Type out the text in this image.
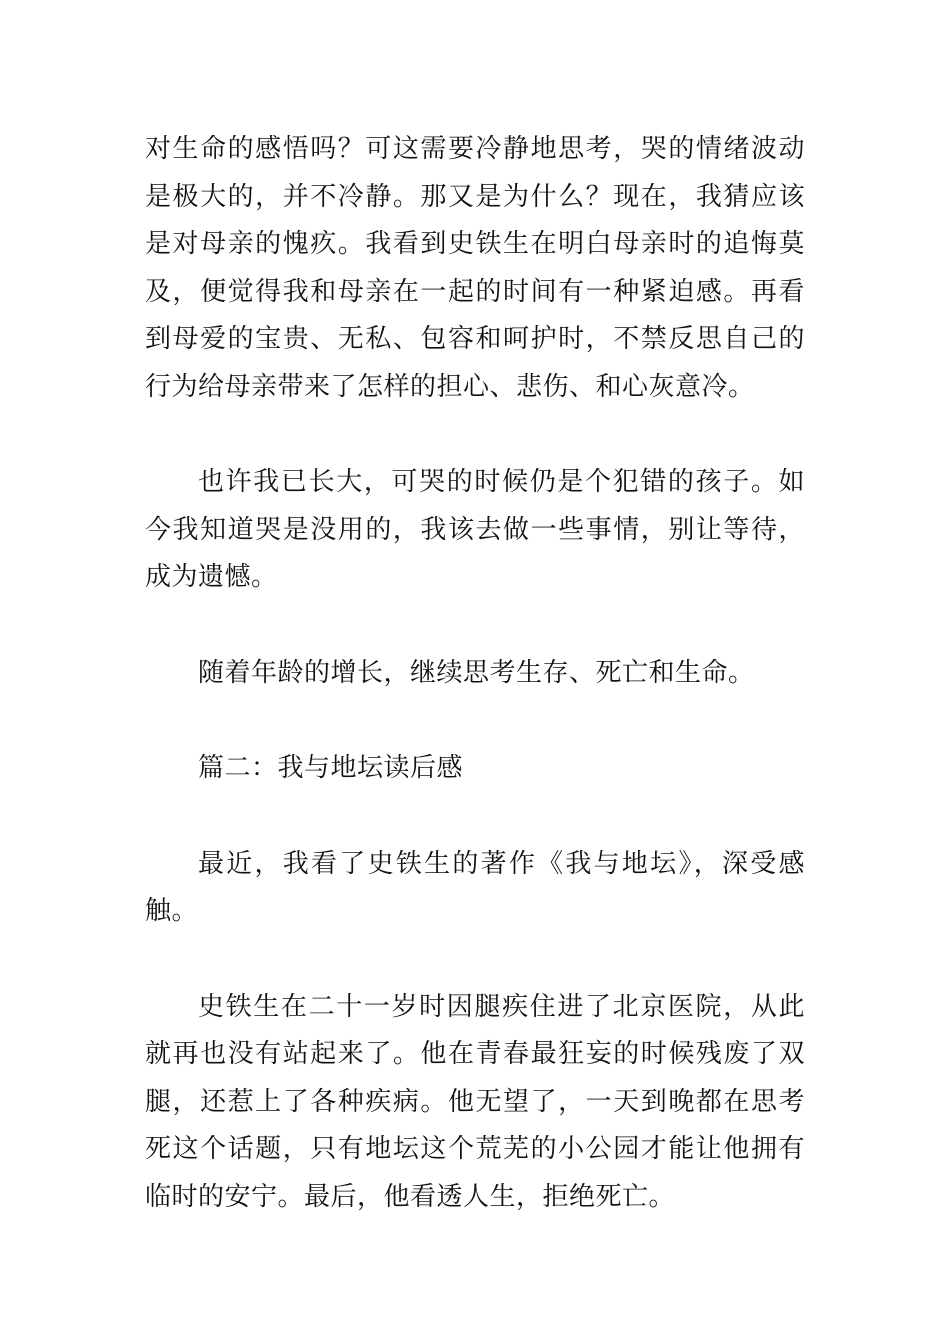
对生命的感悟吗？可这需要冷静地思考，哭的情绪波动是极大的，并不冷静。那又是为什么？现在，我猜应该是对母亲的愧疚。我看到史铁生在明白母亲时的追悔莫及，便觉得我和母亲在一起的时间有一种紧迫感。再看到母爱的宝贵、无私、包容和呵护时，不禁反思自己的行为给母亲带来了怎样的担心、悲伤、和心灰意冷。

也许我已长大，可哭的时候仍是个犯错的孩子。如今我知道哭是没用的，我该去做一些事情，别让等待，成为遗憾。

随着年龄的增长，继续思考生存、死亡和生命。

篇二：我与地坛读后感

最近，我看了史铁生的著作《我与地坛》，深受感触。

史铁生在二十一岁时因腿疾住进了北京医院，从此就再也没有站起来了。他在青春最狂妄的时候残废了双腿，还惹上了各种疾病。他无望了，一天到晚都在思考死这个话题，只有地坛这个荒芜的小公园才能让他拥有临时的安宁。最后，他看透人生，拒绝死亡。
